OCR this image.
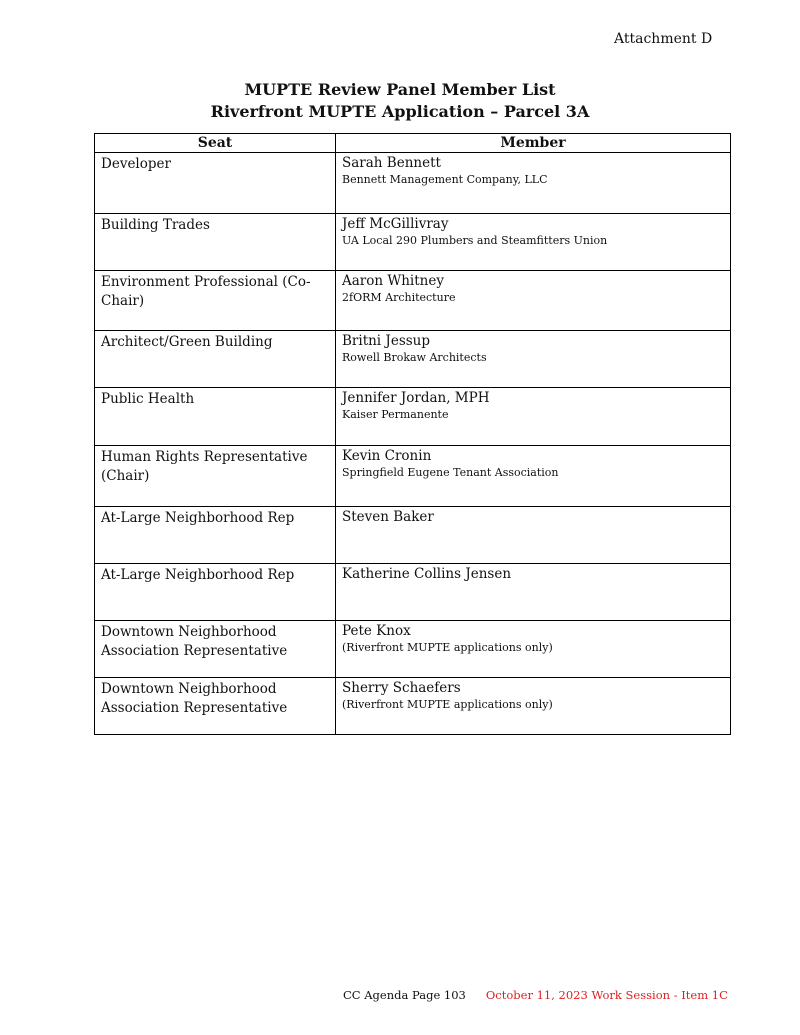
Attachment D
MUPTE Review Panel Member List
Riverfront MUPTE Application – Parcel 3A
Seat	Member

Developer	Sarah Bennett
Bennett Management Company, LLC

Building Trades	Jeff McGillivray
UA Local 290 Plumbers and Steamfitters Union

Environment Professional (Co-Chair)	Aaron Whitney
2fORM Architecture

Architect/Green Building	Britni Jessup
Rowell Brokaw Architects

Public Health	Jennifer Jordan, MPH
Kaiser Permanente

Human Rights Representative (Chair)	Kevin Cronin
Springfield Eugene Tenant Association

At-Large Neighborhood Rep	Steven Baker

At-Large Neighborhood Rep	Katherine Collins Jensen

Downtown Neighborhood Association Representative	Pete Knox
(Riverfront MUPTE applications only)

Downtown Neighborhood Association Representative	Sherry Schaefers
(Riverfront MUPTE applications only)
CC Agenda Page 103 October 11, 2023 Work Session - Item 1C
